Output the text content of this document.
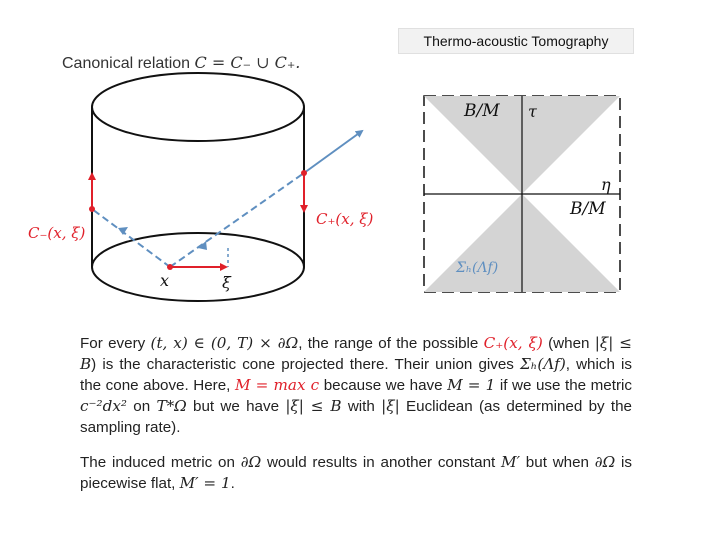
Thermo-acoustic Tomography
Canonical relation C = C₋ ∪ C₊.
C₋(x, ξ)
C₊(x, ξ)
x	ξ
B/M τ
η
B/M
Σₕ(Λf)

For every (t, x) ∈ (0, T) × ∂Ω, the range of the possible C₊(x, ξ) (when |ξ| ≤ B) is the characteristic cone projected there. Their union gives Σₕ(Λf), which is the cone above. Here, M = max c because we have M = 1 if we use the metric c⁻²dx² on T*Ω but we have |ξ| ≤ B with |ξ| Euclidean (as determined by the sampling rate).

The induced metric on ∂Ω would results in another constant M′ but when ∂Ω is piecewise flat, M′ = 1.
